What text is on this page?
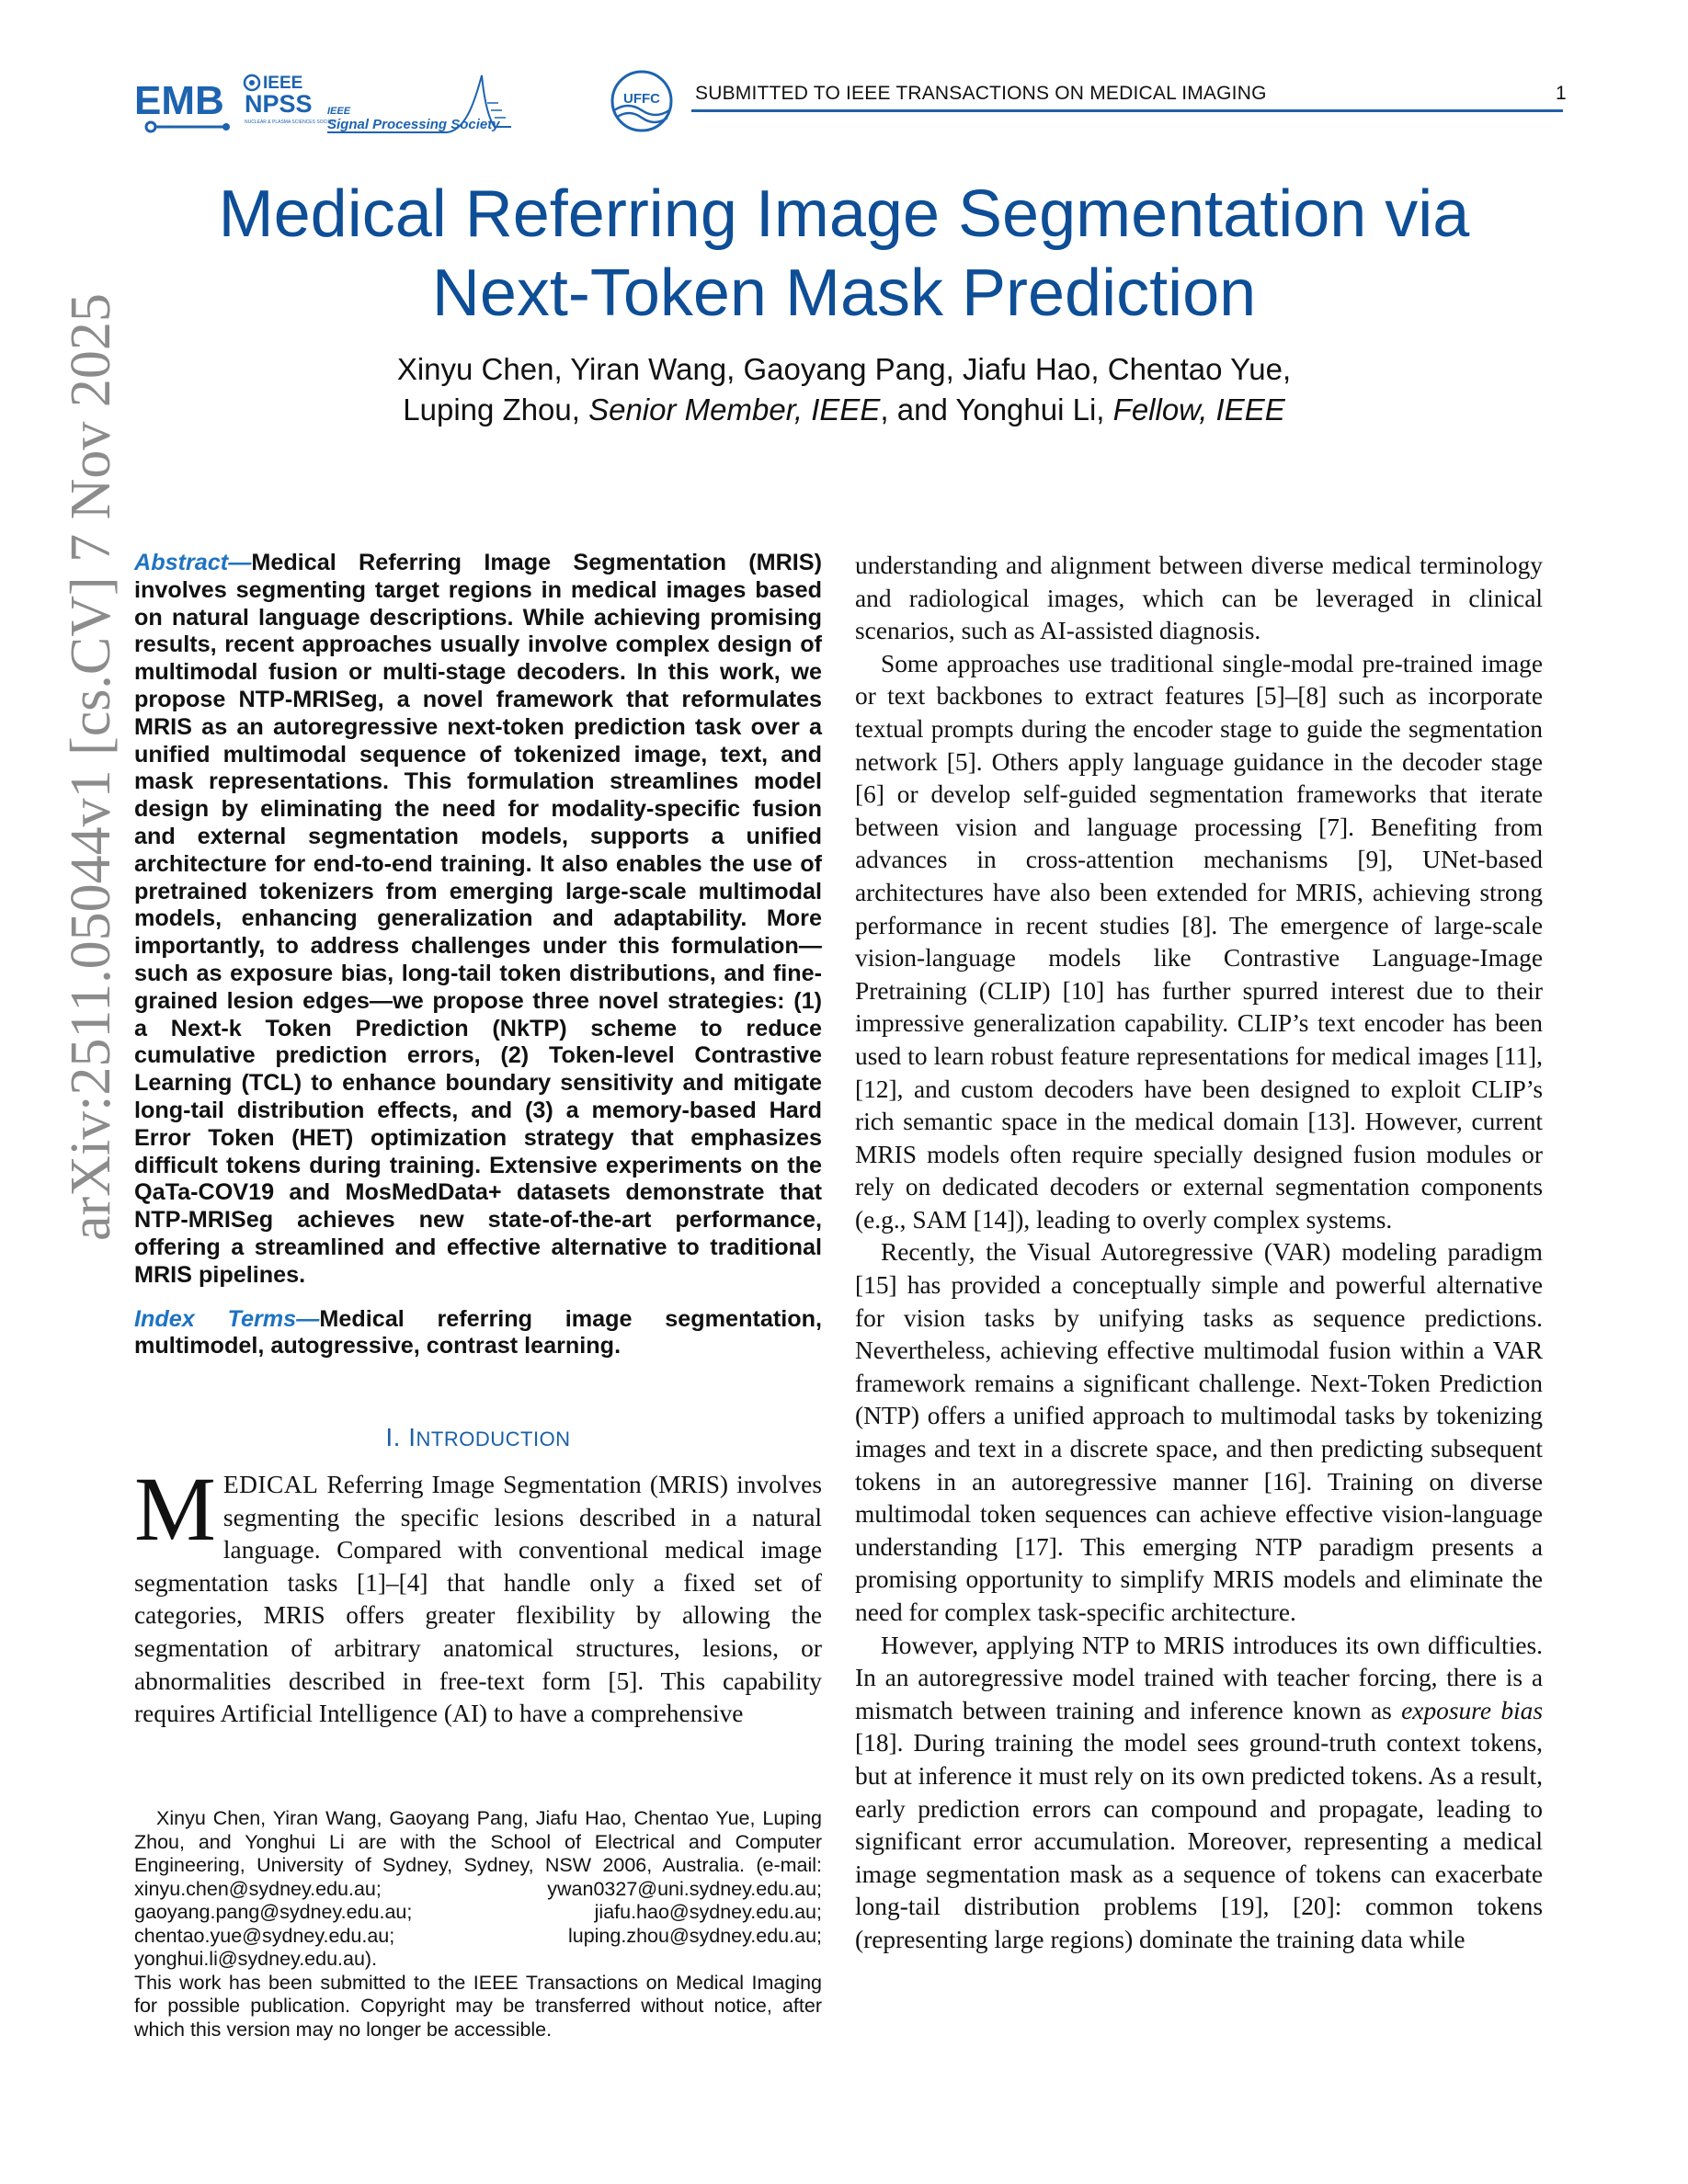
EMB IEEE
NPSS
NUCLEAR & PLASMA SCIENCES SOCIETY
IEEE
Signal Processing Society
UFFC SUBMITTED TO IEEE TRANSACTIONS ON MEDICAL IMAGING	1
Medical Referring Image Segmentation via
Next-Token Mask Prediction
Xinyu Chen, Yiran Wang, Gaoyang Pang, Jiafu Hao, Chentao Yue,
Luping Zhou, Senior Member, IEEE, and Yonghui Li, Fellow, IEEE
arXiv:2511.05044v1 [cs.CV] 7 Nov 2025 Abstract—Medical Referring Image Segmentation (MRIS) involves segmenting target regions in medical images based on natural language descriptions. While achieving promising results, recent approaches usually involve complex design of multimodal fusion or multi-stage decoders. In this work, we propose NTP-MRISeg, a novel framework that reformulates MRIS as an autoregressive next-token prediction task over a unified multimodal sequence of tokenized image, text, and mask representations. This formulation streamlines model design by eliminating the need for modality-specific fusion and external segmentation models, supports a unified architecture for end-to-end training. It also enables the use of pretrained tokenizers from emerging large-scale multimodal models, enhancing generalization and adaptability. More importantly, to address challenges under this formulation—such as exposure bias, long-tail token distributions, and fine-grained lesion edges—we propose three novel strategies: (1) a Next-k Token Prediction (NkTP) scheme to reduce cumulative prediction errors, (2) Token-level Contrastive Learning (TCL) to enhance boundary sensitivity and mitigate long-tail distribution effects, and (3) a memory-based Hard Error Token (HET) optimization strategy that emphasizes difficult tokens during training. Extensive experiments on the QaTa-COV19 and MosMedData+ datasets demonstrate that NTP-MRISeg achieves new state-of-the-art performance, offering a streamlined and effective alternative to traditional MRIS pipelines.

Index Terms—Medical referring image segmentation, multimodel, autogressive, contrast learning.

I. INTRODUCTION

MEDICAL Referring Image Segmentation (MRIS) involves segmenting the specific lesions described in a natural language. Compared with conventional medical image segmentation tasks [1]–[4] that handle only a fixed set of categories, MRIS offers greater flexibility by allowing the segmentation of arbitrary anatomical structures, lesions, or abnormalities described in free-text form [5]. This capability requires Artificial Intelligence (AI) to have a comprehensive

Xinyu Chen, Yiran Wang, Gaoyang Pang, Jiafu Hao, Chentao Yue, Luping Zhou, and Yonghui Li are with the School of Electrical and Computer Engineering, University of Sydney, Sydney, NSW 2006, Australia. (e-mail: xinyu.chen@sydney.edu.au; ywan0327@uni.sydney.edu.au; gaoyang.pang@sydney.edu.au; jiafu.hao@sydney.edu.au; chentao.yue@sydney.edu.au; luping.zhou@sydney.edu.au; yonghui.li@sydney.edu.au).

This work has been submitted to the IEEE Transactions on Medical Imaging for possible publication. Copyright may be transferred without notice, after which this version may no longer be accessible.

understanding and alignment between diverse medical terminology and radiological images, which can be leveraged in clinical scenarios, such as AI-assisted diagnosis.

Some approaches use traditional single-modal pre-trained image or text backbones to extract features [5]–[8] such as incorporate textual prompts during the encoder stage to guide the segmentation network [5]. Others apply language guidance in the decoder stage [6] or develop self-guided segmentation frameworks that iterate between vision and language processing [7]. Benefiting from advances in cross-attention mechanisms [9], UNet-based architectures have also been extended for MRIS, achieving strong performance in recent studies [8]. The emergence of large-scale vision-language models like Contrastive Language-Image Pretraining (CLIP) [10] has further spurred interest due to their impressive generalization capability. CLIP’s text encoder has been used to learn robust feature representations for medical images [11], [12], and custom decoders have been designed to exploit CLIP’s rich semantic space in the medical domain [13]. However, current MRIS models often require specially designed fusion modules or rely on dedicated decoders or external segmentation components (e.g., SAM [14]), leading to overly complex systems.

Recently, the Visual Autoregressive (VAR) modeling paradigm [15] has provided a conceptually simple and powerful alternative for vision tasks by unifying tasks as sequence predictions. Nevertheless, achieving effective multimodal fusion within a VAR framework remains a significant challenge. Next-Token Prediction (NTP) offers a unified approach to multimodal tasks by tokenizing images and text in a discrete space, and then predicting subsequent tokens in an autoregressive manner [16]. Training on diverse multimodal token sequences can achieve effective vision-language understanding [17]. This emerging NTP paradigm presents a promising opportunity to simplify MRIS models and eliminate the need for complex task-specific architecture.

However, applying NTP to MRIS introduces its own difficulties. In an autoregressive model trained with teacher forcing, there is a mismatch between training and inference known as exposure bias [18]. During training the model sees ground-truth context tokens, but at inference it must rely on its own predicted tokens. As a result, early prediction errors can compound and propagate, leading to significant error accumulation. Moreover, representing a medical image segmentation mask as a sequence of tokens can exacerbate long-tail distribution problems [19], [20]: common tokens (representing large regions) dominate the training data while
